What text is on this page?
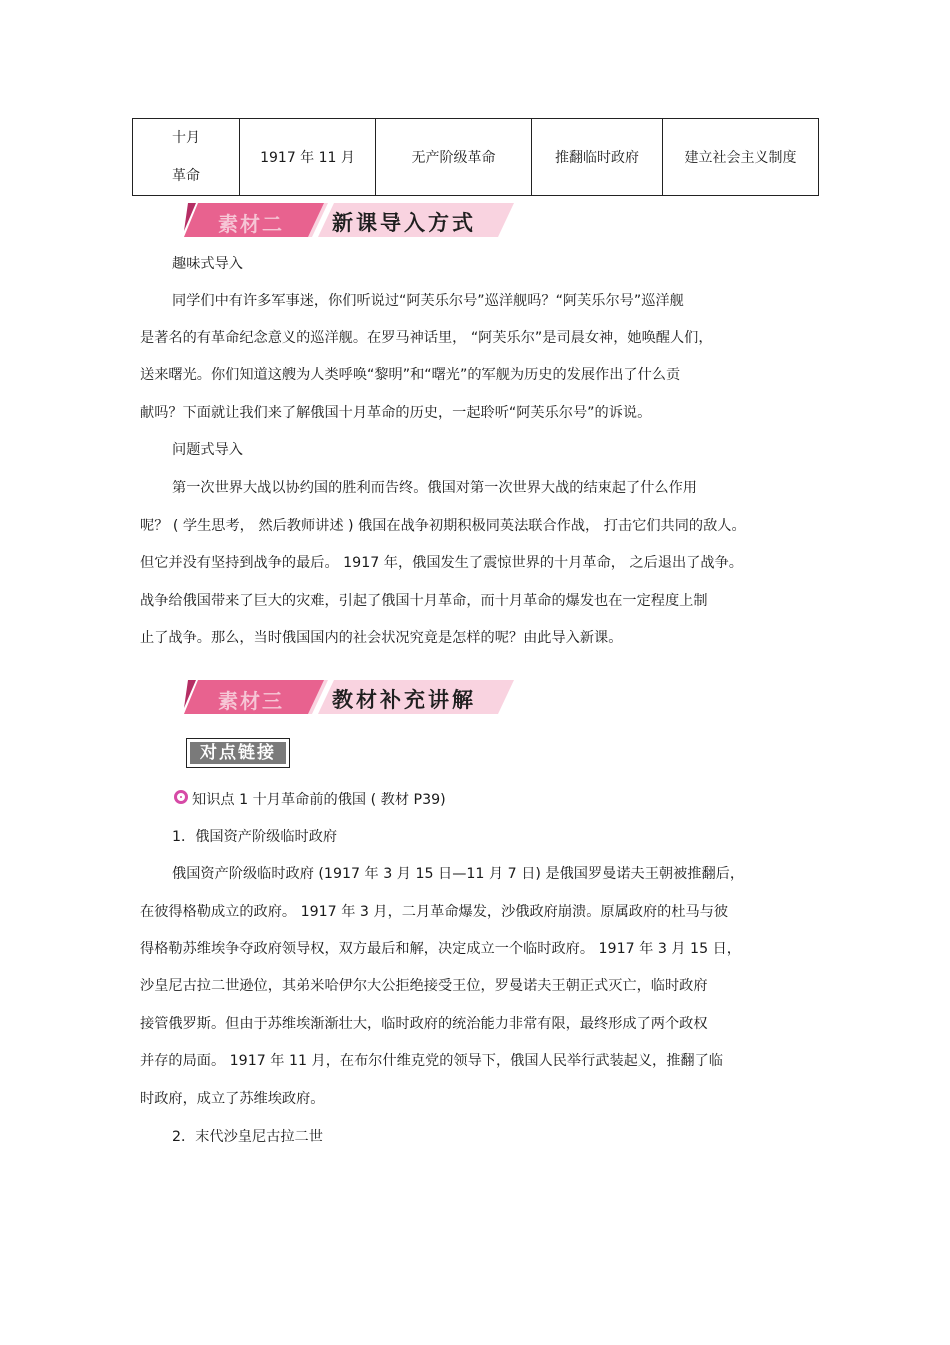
十月
革命
	1917 年 11 月	无产阶级革命	推翻临时政府	建立社会主义制度
素材二 新课导入方式
趣味式导入
同学们中有许多军事迷，你们听说过“阿芙乐尔号”巡洋舰吗？“阿芙乐尔号”巡洋舰
是著名的有革命纪念意义的巡洋舰。在罗马神话里， “阿芙乐尔”是司晨女神，她唤醒人们，
送来曙光。你们知道这艘为人类呼唤“黎明”和“曙光”的军舰为历史的发展作出了什么贡
献吗？下面就让我们来了解俄国十月革命的历史，一起聆听“阿芙乐尔号”的诉说。
问题式导入
第一次世界大战以协约国的胜利而告终。俄国对第一次世界大战的结束起了什么作用
呢？ ( 学生思考， 然后教师讲述 ) 俄国在战争初期积极同英法联合作战， 打击它们共同的敌人。
但它并没有坚持到战争的最后。 1917 年，俄国发生了震惊世界的十月革命， 之后退出了战争。
战争给俄国带来了巨大的灾难，引起了俄国十月革命，而十月革命的爆发也在一定程度上制
止了战争。那么，当时俄国国内的社会状况究竟是怎样的呢？由此导入新课。
素材三 教材补充讲解
对点链接
知识点 1 十月革命前的俄国 ( 教材 P39)
1．俄国资产阶级临时政府
俄国资产阶级临时政府 (1917 年 3 月 15 日—11 月 7 日) 是俄国罗曼诺夫王朝被推翻后，
在彼得格勒成立的政府。 1917 年 3 月，二月革命爆发，沙俄政府崩溃。原属政府的杜马与彼
得格勒苏维埃争夺政府领导权，双方最后和解，决定成立一个临时政府。 1917 年 3 月 15 日，
沙皇尼古拉二世逊位，其弟米哈伊尔大公拒绝接受王位，罗曼诺夫王朝正式灭亡，临时政府
接管俄罗斯。但由于苏维埃渐渐壮大，临时政府的统治能力非常有限，最终形成了两个政权
并存的局面。 1917 年 11 月，在布尔什维克党的领导下，俄国人民举行武装起义，推翻了临
时政府，成立了苏维埃政府。
2．末代沙皇尼古拉二世
